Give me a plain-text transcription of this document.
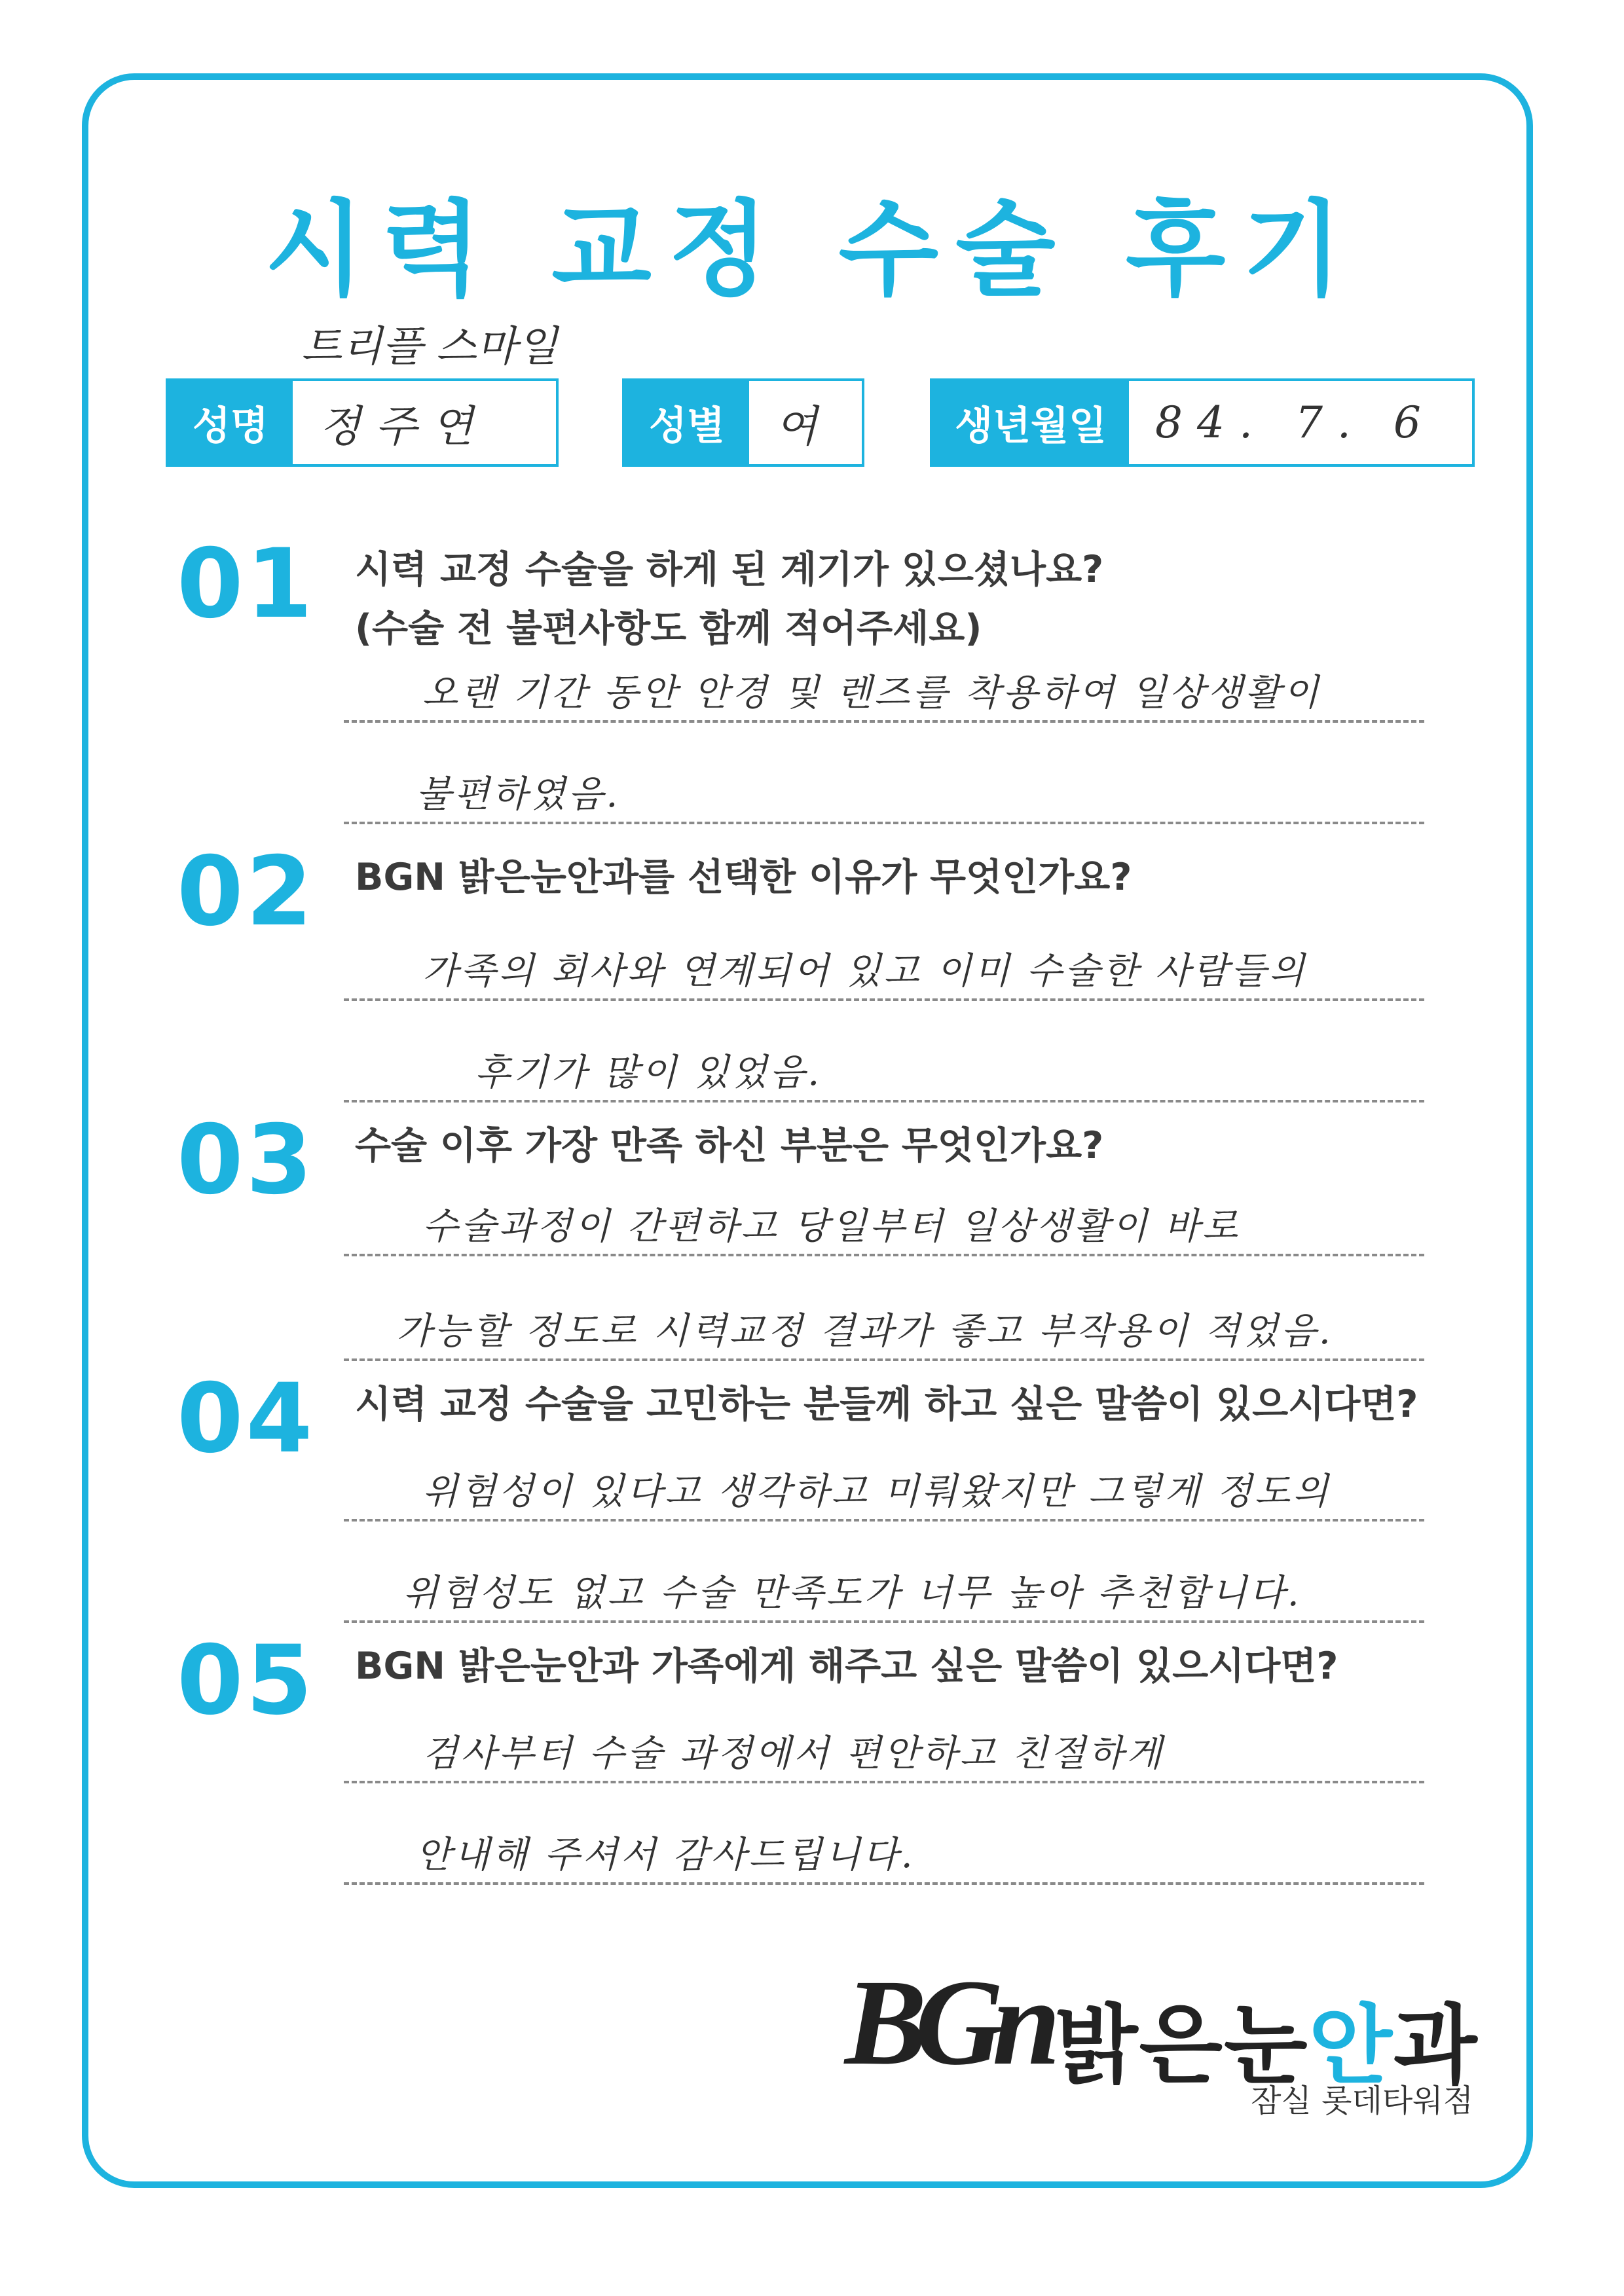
시력 교정 수술 후기
트리플 스마일
성명	정주연	성별	여	생년월일	84. 7. 6
01 시력 교정 수술을 하게 된 계기가 있으셨나요?
(수술 전 불편사항도 함께 적어주세요)
오랜 기간 동안 안경 및 렌즈를 착용하여 일상생활이
불편하였음.
02 BGN 밝은눈안과를 선택한 이유가 무엇인가요?
가족의 회사와 연계되어 있고 이미 수술한 사람들의
후기가 많이 있었음.
03 수술 이후 가장 만족 하신 부분은 무엇인가요?
수술과정이 간편하고 당일부터 일상생활이 바로
가능할 정도로 시력교정 결과가 좋고 부작용이 적었음.
04 시력 교정 수술을 고민하는 분들께 하고 싶은 말씀이 있으시다면?
위험성이 있다고 생각하고 미뤄왔지만 그렇게 정도의
위험성도 없고 수술 만족도가 너무 높아 추천합니다.
05 BGN 밝은눈안과 가족에게 해주고 싶은 말씀이 있으시다면?
검사부터 수술 과정에서 편안하고 친절하게
안내해 주셔서 감사드립니다.
BGn 밝은눈안과
잠실 롯데타워점
